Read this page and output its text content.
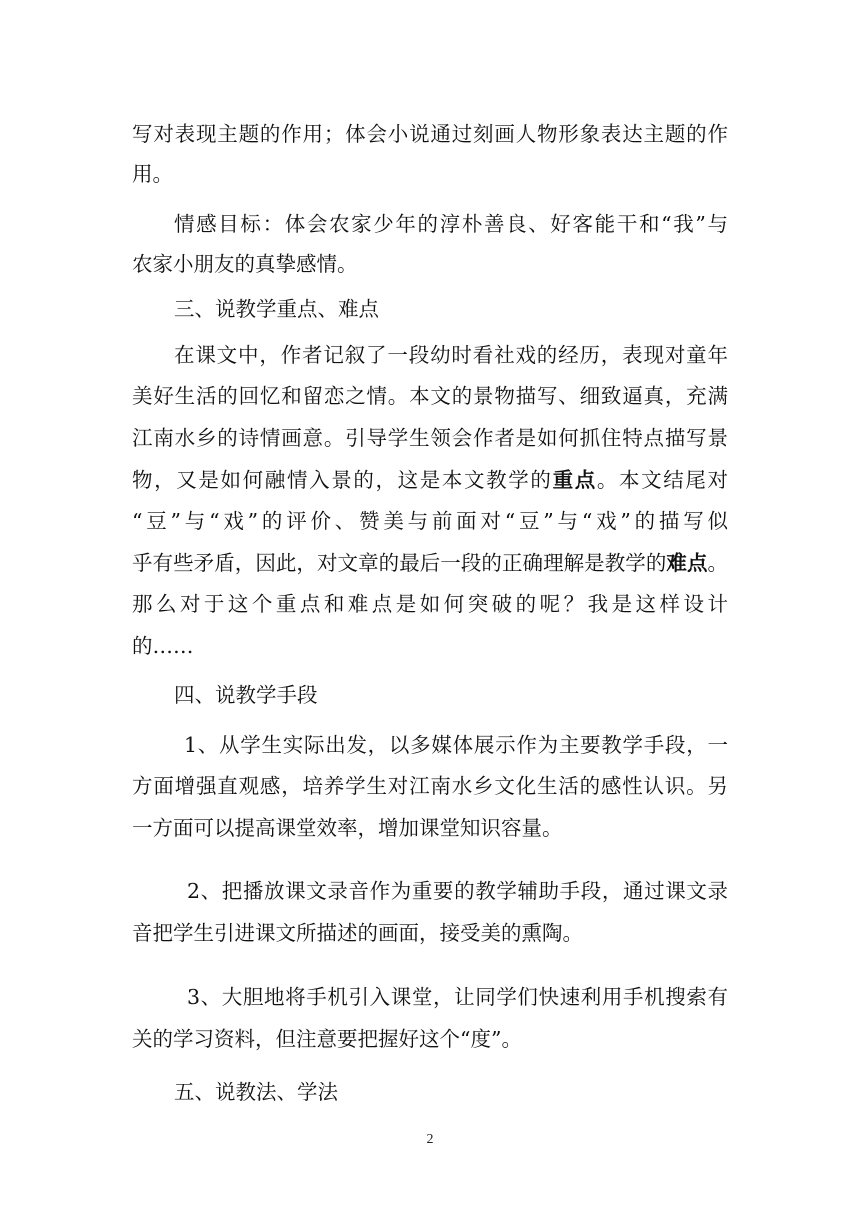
写对表现主题的作用；体会小说通过刻画人物形象表达主题的作
用。
情感目标：体会农家少年的淳朴善良、好客能干和“我”与
农家小朋友的真挚感情。
三、说教学重点、难点
在课文中，作者记叙了一段幼时看社戏的经历，表现对童年
美好生活的回忆和留恋之情。本文的景物描写、细致逼真，充满
江南水乡的诗情画意。引导学生领会作者是如何抓住特点描写景
物，又是如何融情入景的，这是本文教学的重点。本文结尾对
“豆”与“戏”的评价、赞美与前面对“豆”与“戏”的描写似
乎有些矛盾，因此，对文章的最后一段的正确理解是教学的难点。
那么对于这个重点和难点是如何突破的呢？我是这样设计
的……
四、说教学手段
1、从学生实际出发，以多媒体展示作为主要教学手段，一
方面增强直观感，培养学生对江南水乡文化生活的感性认识。另
一方面可以提高课堂效率，增加课堂知识容量。
2、把播放课文录音作为重要的教学辅助手段，通过课文录
音把学生引进课文所描述的画面，接受美的熏陶。
3、大胆地将手机引入课堂，让同学们快速利用手机搜索有
关的学习资料，但注意要把握好这个“度”。
五、说教法、学法
2
